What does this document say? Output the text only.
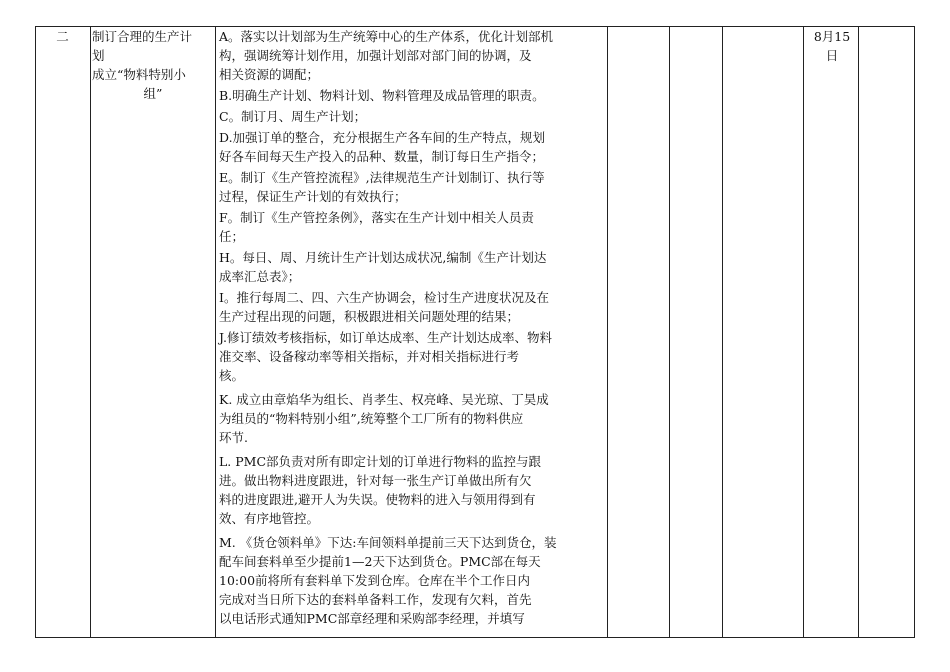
二	制订合理的生产计
划
成立“物料特别小
组”
A。落实以计划部为生产统筹中心的生产体系，优化计划部机
构，强调统筹计划作用，加强计划部对部门间的协调，及
相关资源的调配；
B.明确生产计划、物料计划、物料管理及成品管理的职责。
C。制订月、周生产计划；
D.加强订单的整合，充分根据生产各车间的生产特点，规划
好各车间每天生产投入的品种、数量，制订每日生产指令；
E。制订《生产管控流程》,法律规范生产计划制订、执行等
过程，保证生产计划的有效执行；
F。制订《生产管控条例》，落实在生产计划中相关人员责
任；
H。每日、周、月统计生产计划达成状况,编制《生产计划达
成率汇总表》；
I。推行每周二、四、六生产协调会，检讨生产进度状况及在
生产过程出现的问题，积极跟进相关问题处理的结果；
J.修订绩效考核指标，如订单达成率、生产计划达成率、物料
准交率、设备稼动率等相关指标，并对相关指标进行考
核。
K. 成立由章焰华为组长、肖孝生、权亮峰、吴光琼、丁昊成
为组员的“物料特别小组”,统筹整个工厂所有的物料供应
环节.
L. PMC部负责对所有即定计划的订单进行物料的监控与跟
进。做出物料进度跟进，针对每一张生产订单做出所有欠
料的进度跟进,避开人为失误。使物料的进入与领用得到有
效、有序地管控。
M. 《货仓领料单》下达:车间领料单提前三天下达到货仓，装
配车间套料单至少提前1—2天下达到货仓。PMC部在每天
10:00前将所有套料单下发到仓库。仓库在半个工作日内
完成对当日所下达的套料单备料工作，发现有欠料，首先
以电话形式通知PMC部章经理和采购部李经理，并填写
8月15
日
